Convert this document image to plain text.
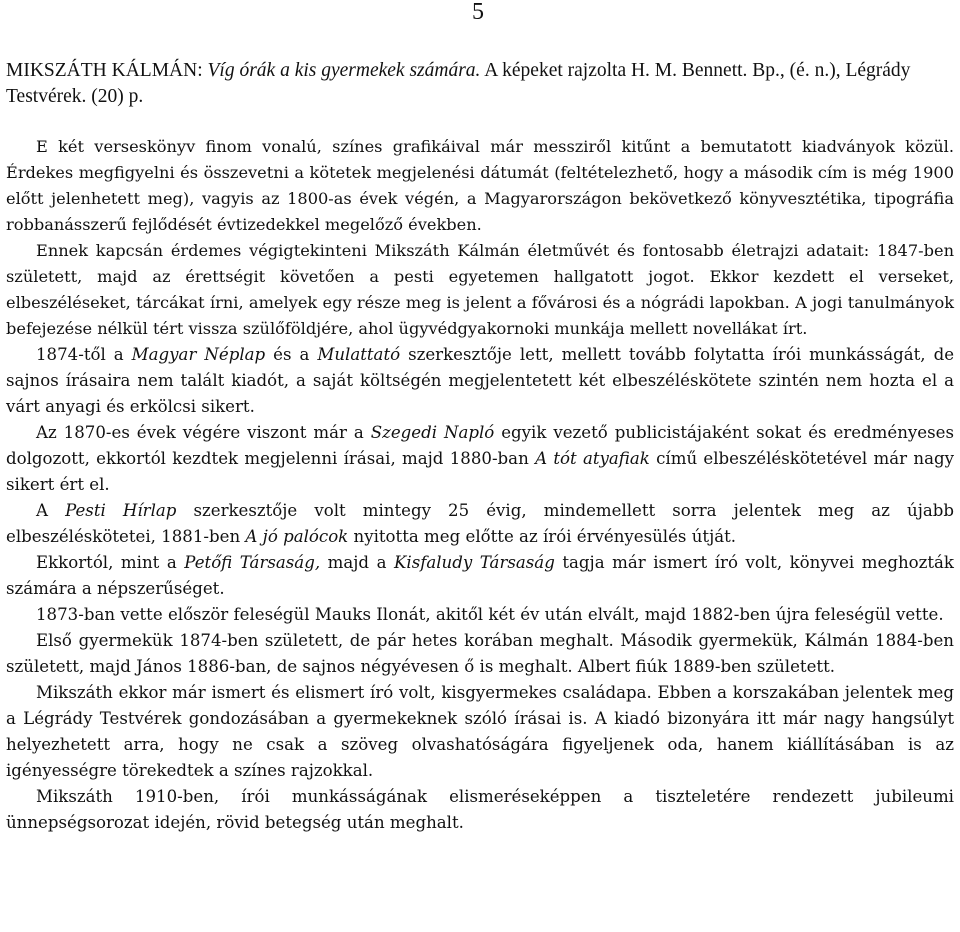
5
MIKSZÁTH KÁLMÁN: Víg órák a kis gyermekek számára. A képeket rajzolta H. M. Bennett. Bp., (é. n.), Légrády Testvérek. (20) p.

E két verseskönyv finom vonalú, színes grafikáival már messziről kitűnt a bemutatott kiadványok közül. Érdekes megfigyelni és összevetni a kötetek megjelenési dátumát (feltételezhető, hogy a második cím is még 1900 előtt jelenhetett meg), vagyis az 1800-as évek végén, a Magyarországon bekövetkező könyvesztétika, tipográfia robbanásszerű fejlődését évtizedekkel megelőző években.

Ennek kapcsán érdemes végigtekinteni Mikszáth Kálmán életművét és fontosabb életrajzi adatait: 1847-ben született, majd az érettségit követően a pesti egyetemen hallgatott jogot. Ekkor kezdett el verseket, elbeszéléseket, tárcákat írni, amelyek egy része meg is jelent a fővárosi és a nógrádi lapokban. A jogi tanulmányok befejezése nélkül tért vissza szülőföldjére, ahol ügyvédgyakornoki munkája mellett novellákat írt.

1874-től a Magyar Néplap és a Mulattató szerkesztője lett, mellett tovább folytatta írói munkásságát, de sajnos írásaira nem talált kiadót, a saját költségén megjelentetett két elbeszéléskötete szintén nem hozta el a várt anyagi és erkölcsi sikert.

Az 1870-es évek végére viszont már a Szegedi Napló egyik vezető publicistájaként sokat és eredményeses dolgozott, ekkortól kezdtek megjelenni írásai, majd 1880-ban A tót atyafiak című elbeszéléskötetével már nagy sikert ért el.

A Pesti Hírlap szerkesztője volt mintegy 25 évig, mindemellett sorra jelentek meg az újabb elbeszéléskötetei, 1881-ben A jó palócok nyitotta meg előtte az írói érvényesülés útját.

Ekkortól, mint a Petőfi Társaság, majd a Kisfaludy Társaság tagja már ismert író volt, könyvei meghozták számára a népszerűséget.

1873-ban vette először feleségül Mauks Ilonát, akitől két év után elvált, majd 1882-ben újra feleségül vette.

Első gyermekük 1874-ben született, de pár hetes korában meghalt. Második gyermekük, Kálmán 1884-ben született, majd János 1886-ban, de sajnos négyévesen ő is meghalt. Albert fiúk 1889-ben született.

Mikszáth ekkor már ismert és elismert író volt, kisgyermekes családapa. Ebben a korszakában jelentek meg a Légrády Testvérek gondozásában a gyermekeknek szóló írásai is. A kiadó bizonyára itt már nagy hangsúlyt helyezhetett arra, hogy ne csak a szöveg olvashatóságára figyeljenek oda, hanem kiállításában is az igényességre törekedtek a színes rajzokkal.

Mikszáth 1910-ben, írói munkásságának elismeréseképpen a tiszteletére rendezett jubileumi ünnepségsorozat idején, rövid betegség után meghalt.
